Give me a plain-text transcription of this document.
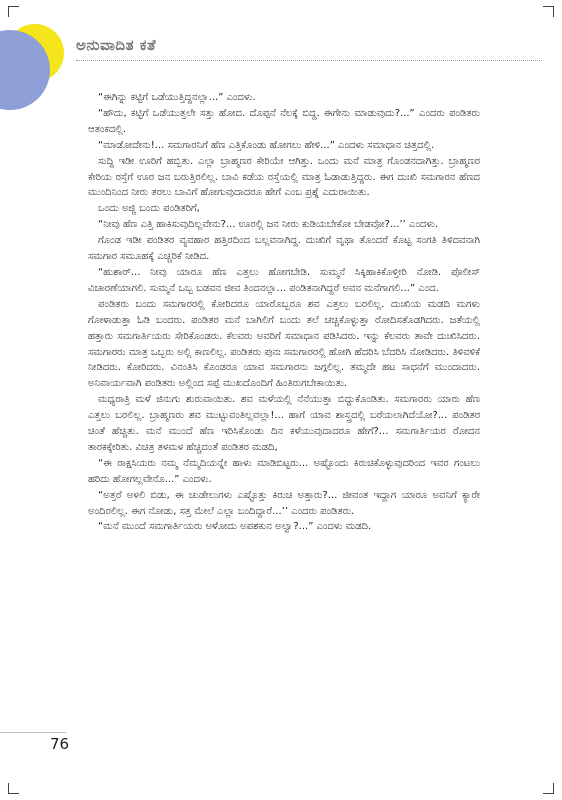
ಅನುವಾದಿತ ಕತೆ

“ಈಗಿನ್ನು ಕಟ್ಟಿಗೆ ಒಡೆಯುತ್ತಿದ್ದನಲ್ಲಾ...” ಎಂದಳು.

“ಹೌದು, ಕಟ್ಟಿಗೆ ಒಡೆಯುತ್ತಲೇ ಸತ್ತು ಹೋದ. ದೊಪ್ಪನೆ ನೆಲಕ್ಕೆ ಬಿದ್ದ. ಈಗೇನು ಮಾಡುವುದು?...” ಎಂದರು ಪಂಡಿತರು ಆತಂಕದಲ್ಲಿ.

“ಮಾಡೋದೇನು!... ಸಮಗಾರನಿಗೆ ಹೆಣ ಎತ್ತಿಕೊಂಡು ಹೋಗಲು ಹೇಳಿ...” ಎಂದಳು ಸಮಾಧಾನ ಚಿತ್ತದಲ್ಲಿ.

ಸುದ್ದಿ ಇಡೀ ಊರಿಗೆ ಹಬ್ಬಿತು. ಎಲ್ಲಾ ಬ್ರಾಹ್ಮಣರ ಕೇರಿಯೇ ಆಗಿತ್ತು. ಒಂದು ಮನೆ ಮಾತ್ರ ಗೊಂಡನದಾಗಿತ್ತು. ಬ್ರಾಹ್ಮಣರ ಕೇರಿಯ ರಸ್ತೆಗೆ ಊರ ಜನ ಬರುತ್ತಿರಲಿಲ್ಲ. ಬಾವಿ ಕಡೆಯ ರಸ್ತೆಯಲ್ಲಿ ಮಾತ್ರ ಓಡಾಡುತ್ತಿದ್ದರು. ಈಗ ದುಃಖಿ ಸಮಗಾರನ ಹೆಣದ ಮುಂದಿನಿಂದ ನೀರು ತರಲು ಬಾವಿಗೆ ಹೋಗುವುದಾದರೂ ಹೇಗೆ ಎಂಬ ಪ್ರಶ್ನೆ ಎದುರಾಯಿತು.

ಒಂದು ಅಜ್ಜಿ ಬಂದು ಪಂಡಿತರಿಗೆ,

“ನೀವು ಹೆಣ ಎತ್ತಿ ಹಾಕಿಸುವುದಿಲ್ಲವೇನು?... ಊರಲ್ಲಿ ಜನ ನೀರು ಕುಡಿಯಬೇಕೋ ಬೇಡವೋ?...’’ ಎಂದಳು.

ಗೊಂಡ ಇಡೀ ಪಂಡಿತರ ವ್ಯವಹಾರ ಹತ್ತಿರದಿಂದ ಬಲ್ಲವನಾಗಿದ್ದ. ದುಃಖಿಗೆ ವೃಥಾ ತೊಂದರೆ ಕೊಟ್ಟ ಸಂಗತಿ ತಿಳಿದವನಾಗಿ ಸಮಗಾರ ಸಮೂಹಕ್ಕೆ ಎಚ್ಚರಿಕೆ ನೀಡಿದ.

“ಹುಶಾರ್... ನೀವು ಯಾರೂ ಹೆಣ ಎತ್ತಲು ಹೋಗಬೇಡಿ. ಸುಮ್ಮನೆ ಸಿಕ್ಕಿಹಾಕಿಕೊಳ್ತೀರಿ ನೋಡಿ. ಪೊಲೀಸ್ ವಿಚಾರಣೆಯಾಗಲಿ. ಸುಮ್ಮನೆ ಒಬ್ಬ ಬಡವನ ಜೀವ ತಿಂದನಲ್ಲಾ... ಪಂಡಿತನಾಗಿದ್ದರೆ ಅವನ ಮನೆಗಾಗಲಿ...” ಎಂದ.

ಪಂಡಿತರು ಬಂದು ಸಮಗಾರರಲ್ಲಿ ಕೋರಿದರೂ ಯಾರೊಬ್ಬರೂ ಶವ ಎತ್ತಲು ಬರಲಿಲ್ಲ. ದುಃಖಿಯ ಮಡದಿ ಮಗಳು ಗೋಳಾಡುತ್ತಾ ಓಡಿ ಬಂದರು. ಪಂಡಿತರ ಮನೆ ಬಾಗಿಲಿಗೆ ಬಂದು ತಲೆ ಚಚ್ಚಿಕೊಳ್ಳುತ್ತಾ ರೋದಿಸತೊಡಗಿದರು. ಜತೆಯಲ್ಲಿ ಹತ್ತಾರು ಸಮಗಾರ್ತಿಯರು ಸೇರಿಕೊಂಡರು. ಕೆಲವರು ಅವರಿಗೆ ಸಮಾಧಾನ ಪಡಿಸಿದರು. ಇನ್ನು ಕೆಲವರು ತಾವೇ ದುಃಖಿಸಿದರು. ಸಮಗಾರರು ಮಾತ್ರ ಒಬ್ಬರು ಅಲ್ಲಿ ಕಾಣಲಿಲ್ಲ. ಪಂಡಿತರು ಪುನಃ ಸಮಗಾರರಲ್ಲಿ ಹೋಗಿ ಹೆದರಿಸಿ ಬೆದರಿಸಿ ನೋಡಿದರು. ತಿಳಿವಳಿಕೆ ನೀಡಿದರು. ಕೋರಿದರು. ವಿನಂತಿಸಿ ಕೊಂಡರೂ ಯಾವ ಸಮಗಾರನು ಜಗ್ಗಲಿಲ್ಲ. ತಮ್ಮದೇ ಹಟ ಸಾಧನೆಗೆ ಮುಂದಾದರು. ಅನಿವಾರ್ಯವಾಗಿ ಪಂಡಿತರು ಅಲ್ಲಿಂದ ಸಪ್ಪೆ ಮುಖದೊಂದಿಗೆ ಹಿಂತಿರುಗಬೇಕಾಯಿತು.

ಮಧ್ಯರಾತ್ರಿ ಮಳೆ ಜಿನುಗು ಶುರುವಾಯಿತು. ಶವ ಮಳೆಯಲ್ಲಿ ನೆನೆಯುತ್ತಾ ಬಿದ್ದುಕೊಂಡಿತು. ಸಮಗಾರರು ಯಾರು ಹೆಣ ಎತ್ತಲು ಬರಲಿಲ್ಲ. ಬ್ರಾಹ್ಮಣರು ಶವ ಮುಟ್ಟುವಂತಿಲ್ಲವಲ್ಲಾ!... ಹಾಗೆ ಯಾವ ಶಾಸ್ತ್ರದಲ್ಲಿ ಬರೆಯಲಾಗಿದೆಯೋ?... ಪಂಡಿತರ ಚಿಂತೆ ಹೆಚ್ಚಿತು. ಮನೆ ಮುಂದೆ ಹೆಣ ಇರಿಸಿಕೊಂಡು ದಿನ ಕಳೆಯುವುದಾದರೂ ಹೇಗೆ?... ಸಮಗಾರ್ತಿಯರ ರೋದನ ತಾರಕಕ್ಕೇರಿತು. ವಿಚಿತ್ರ ತಳಮಳ ಹೆಚ್ಚಿದಂತೆ ಪಂಡಿತರ ಮಡದಿ,

“ಈ ರಾಕ್ಷಸಿಯರು ನಮ್ಮ ನೆಮ್ಮದಿಯನ್ನೇ ಹಾಳು ಮಾಡಿಬಿಟ್ಟರು... ಅಷ್ಟೊಂದು ಕಿರುಚಿಕೊಳ್ಳುವುದರಿಂದ ಇವರ ಗಂಟಲು ಹರಿದು ಹೋಗಲ್ಲವೇನೊ...” ಎಂದಳು.

“ಅತ್ತರೆ ಅಳಲಿ ಬಿಡು, ಈ ಚುಡೇಲುಗಳು ಎಷ್ಟೊತ್ತು ಕಿರುಚಿ ಅತ್ತಾರು?... ಜೀವಂತ ಇದ್ದಾಗ ಯಾರೂ ಅವನಿಗೆ ಕ್ಯಾರೇ ಅಂದಿರಲಿಲ್ಲ. ಈಗ ನೋಡು, ಸತ್ತ ಮೇಲೆ ಎಲ್ಲಾ ಬಂದಿದ್ದಾರೆ...’’ ಎಂದರು ಪಂಡಿತರು.

“ಮನೆ ಮುಂದೆ ಸಮಗಾರ್ತಿಯರು ಅಳೋದು ಅಪಶಕುನ ಅಲ್ವಾ?...” ಎಂದಳು ಮಡದಿ.

76
